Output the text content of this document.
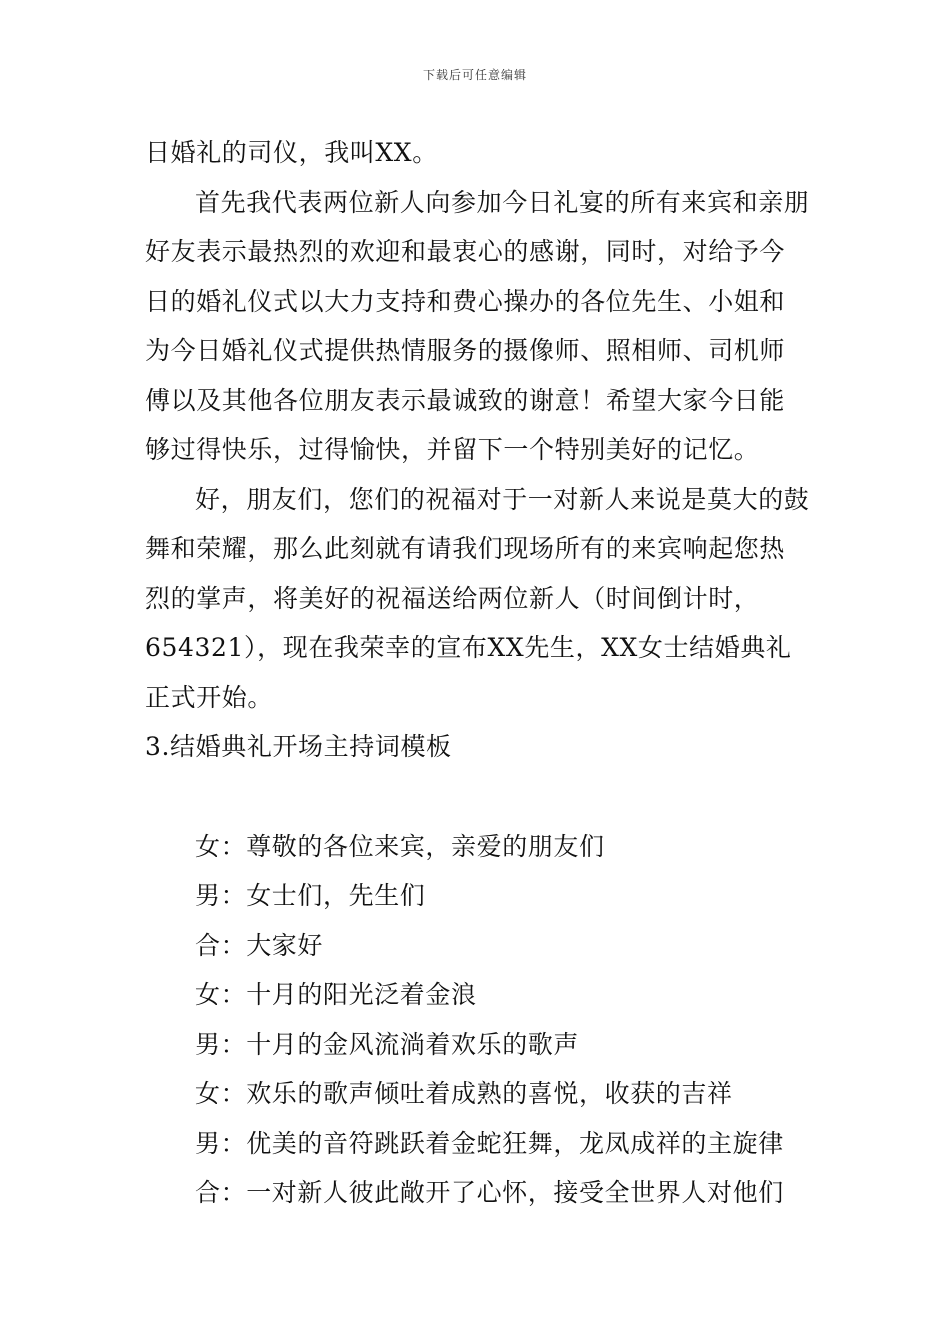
下载后可任意编辑

日婚礼的司仪，我叫XX。

首先我代表两位新人向参加今日礼宴的所有来宾和亲朋好友表示最热烈的欢迎和最衷心的感谢，同时，对给予今日的婚礼仪式以大力支持和费心操办的各位先生、小姐和为今日婚礼仪式提供热情服务的摄像师、照相师、司机师傅以及其他各位朋友表示最诚致的谢意！希望大家今日能够过得快乐，过得愉快，并留下一个特别美好的记忆。

好，朋友们，您们的祝福对于一对新人来说是莫大的鼓舞和荣耀，那么此刻就有请我们现场所有的来宾响起您热烈的掌声，将美好的祝福送给两位新人（时间倒计时，654321），现在我荣幸的宣布XX先生，XX女士结婚典礼正式开始。

3.结婚典礼开场主持词模板

女：尊敬的各位来宾，亲爱的朋友们

男：女士们，先生们

合：大家好

女：十月的阳光泛着金浪

男：十月的金风流淌着欢乐的歌声

女：欢乐的歌声倾吐着成熟的喜悦，收获的吉祥

男：优美的音符跳跃着金蛇狂舞，龙凤成祥的主旋律

合：一对新人彼此敞开了心怀，接受全世界人对他们
